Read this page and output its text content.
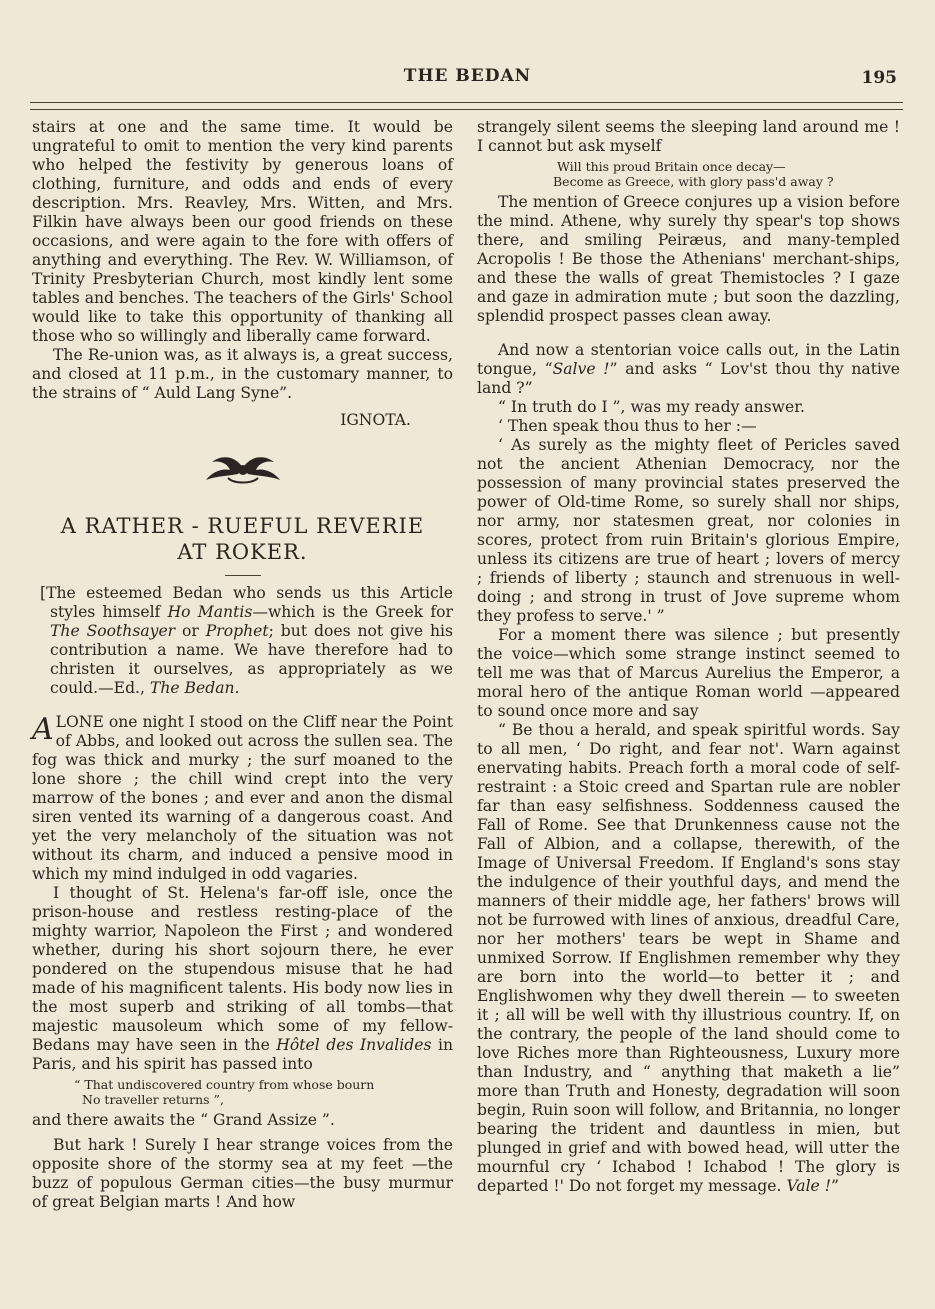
THE BEDAN	195

stairs at one and the same time. It would be ungrateful to omit to mention the very kind parents who helped the festivity by generous loans of clothing, furniture, and odds and ends of every description. Mrs. Reavley, Mrs. Witten, and Mrs. Filkin have always been our good friends on these occasions, and were again to the fore with offers of anything and everything. The Rev. W. Williamson, of Trinity Presbyterian Church, most kindly lent some tables and benches. The teachers of the Girls' School would like to take this opportunity of thanking all those who so willingly and liberally came forward.

The Re-union was, as it always is, a great success, and closed at 11 p.m., in the customary manner, to the strains of “ Auld Lang Syne”.

IGNOTA.
A RATHER - RUEFUL REVERIE
AT ROKER.

[The esteemed Bedan who sends us this Article styles himself Ho Mantis—which is the Greek for The Soothsayer or Prophet; but does not give his contribution a name. We have therefore had to christen it ourselves, as appropriately as we could.—Ed., The Bedan.

ALONE one night I stood on the Cliff near the Point of Abbs, and looked out across the sullen sea. The fog was thick and murky ; the surf moaned to the lone shore ; the chill wind crept into the very marrow of the bones ; and ever and anon the dismal siren vented its warning of a dangerous coast. And yet the very melancholy of the situation was not without its charm, and induced a pensive mood in which my mind indulged in odd vagaries.

I thought of St. Helena's far-off isle, once the prison-house and restless resting-place of the mighty warrior, Napoleon the First ; and wondered whether, during his short sojourn there, he ever pondered on the stupendous misuse that he had made of his magnificent talents. His body now lies in the most superb and striking of all tombs—that majestic mausoleum which some of my fellow-Bedans may have seen in the Hôtel des Invalides in Paris, and his spirit has passed into

“ That undiscovered country from whose bourn
No traveller returns ”,

and there awaits the “ Grand Assize ”.

But hark ! Surely I hear strange voices from the opposite shore of the stormy sea at my feet —the buzz of populous German cities—the busy murmur of great Belgian marts ! And how

strangely silent seems the sleeping land around me ! I cannot but ask myself

Will this proud Britain once decay—
Become as Greece, with glory pass'd away ?

The mention of Greece conjures up a vision before the mind. Athene, why surely thy spear's top shows there, and smiling Peiræus, and many-templed Acropolis ! Be those the Athenians' merchant-ships, and these the walls of great Themistocles ? I gaze and gaze in admiration mute ; but soon the dazzling, splendid prospect passes clean away.

And now a stentorian voice calls out, in the Latin tongue, “Salve !” and asks “ Lov'st thou thy native land ?”

“ In truth do I ”, was my ready answer.

‘ Then speak thou thus to her :—

‘ As surely as the mighty fleet of Pericles saved not the ancient Athenian Democracy, nor the possession of many provincial states preserved the power of Old-time Rome, so surely shall nor ships, nor army, nor statesmen great, nor colonies in scores, protect from ruin Britain's glorious Empire, unless its citizens are true of heart ; lovers of mercy ; friends of liberty ; staunch and strenuous in well-doing ; and strong in trust of Jove supreme whom they profess to serve.' ”

For a moment there was silence ; but presently the voice—which some strange instinct seemed to tell me was that of Marcus Aurelius the Emperor, a moral hero of the antique Roman world —appeared to sound once more and say

“ Be thou a herald, and speak spiritful words. Say to all men, ‘ Do right, and fear not'. Warn against enervating habits. Preach forth a moral code of self-restraint : a Stoic creed and Spartan rule are nobler far than easy selfishness. Soddenness caused the Fall of Rome. See that Drunkenness cause not the Fall of Albion, and a collapse, therewith, of the Image of Universal Freedom. If England's sons stay the indulgence of their youthful days, and mend the manners of their middle age, her fathers' brows will not be furrowed with lines of anxious, dreadful Care, nor her mothers' tears be wept in Shame and unmixed Sorrow. If Englishmen remember why they are born into the world—to better it ; and Englishwomen why they dwell therein — to sweeten it ; all will be well with thy illustrious country. If, on the contrary, the people of the land should come to love Riches more than Righteousness, Luxury more than Industry, and “ anything that maketh a lie” more than Truth and Honesty, degradation will soon begin, Ruin soon will follow, and Britannia, no longer bearing the trident and dauntless in mien, but plunged in grief and with bowed head, will utter the mournful cry ‘ Ichabod ! Ichabod ! The glory is departed !' Do not forget my message. Vale !”
